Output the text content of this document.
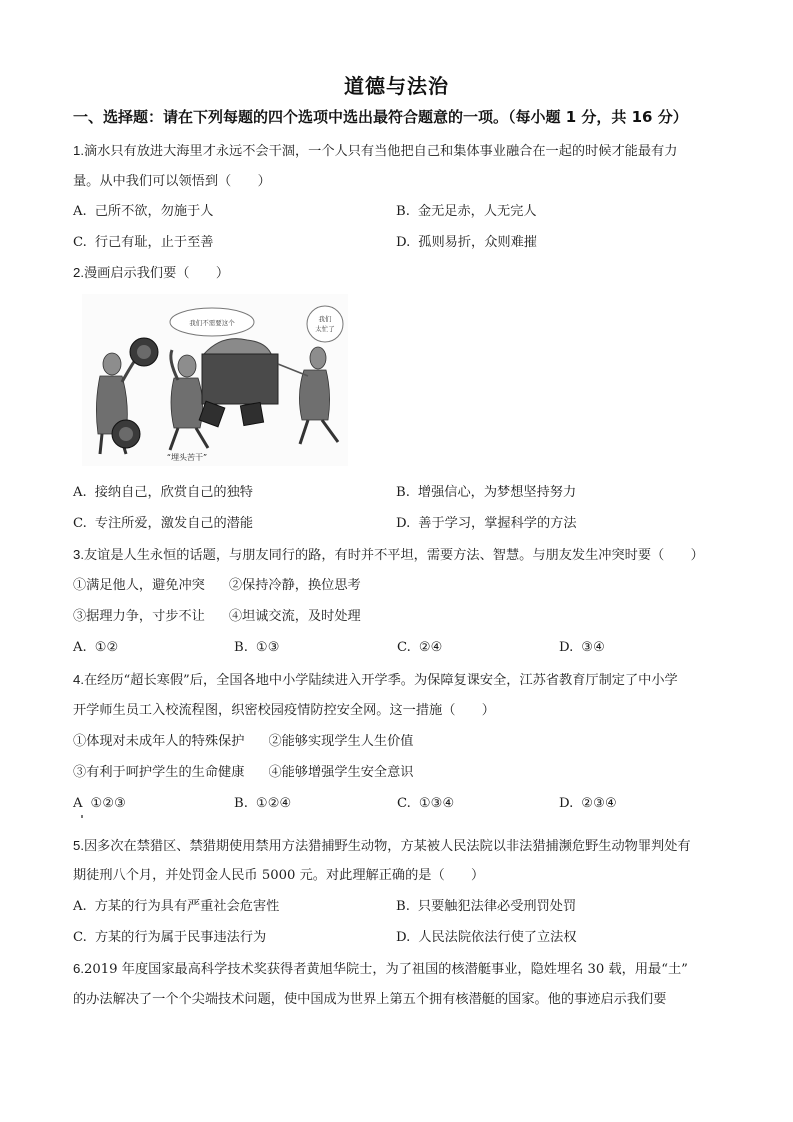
道德与法治
一、选择题：请在下列每题的四个选项中选出最符合题意的一项。（每小题 1 分，共 16 分）
1.滴水只有放进大海里才永远不会干涸，一个人只有当他把自己和集体事业融合在一起的时候才能最有力
量。从中我们可以领悟到（　　）
A. 己所不欲，勿施于人	B. 金无足赤，人无完人
C. 行己有耻，止于至善	D. 孤则易折，众则难摧
2.漫画启示我们要（　　）
我们不需要这个	我们
太忙了
“埋头苦干”
A. 接纳自己，欣赏自己的独特	B. 增强信心，为梦想坚持努力
C. 专注所爱，激发自己的潜能	D. 善于学习，掌握科学的方法
3.友谊是人生永恒的话题，与朋友同行的路，有时并不平坦，需要方法、智慧。与朋友发生冲突时要（　　）
①满足他人，避免冲突 ②保持冷静，换位思考
③据理力争，寸步不让 ④坦诚交流，及时处理
A. ①②	B. ①③	C. ②④	D. ③④
4.在经历“超长寒假”后，全国各地中小学陆续进入开学季。为保障复课安全，江苏省教育厅制定了中小学
开学师生员工入校流程图，织密校园疫情防控安全网。这一措施（　　）
①体现对未成年人的特殊保护 ②能够实现学生人生价值
③有利于呵护学生的生命健康 ④能够增强学生安全意识
A ①②③	B. ①②④	C. ①③④	D. ②③④
5.因多次在禁猎区、禁猎期使用禁用方法猎捕野生动物，方某被人民法院以非法猎捕濒危野生动物罪判处有
期徒刑八个月，并处罚金人民币 5000 元。对此理解正确的是（　　）
A. 方某的行为具有严重社会危害性	B. 只要触犯法律必受刑罚处罚
C. 方某的行为属于民事违法行为	D. 人民法院依法行使了立法权
6.2019 年度国家最高科学技术奖获得者黄旭华院士，为了祖国的核潜艇事业，隐姓埋名 30 载，用最“土”
的办法解决了一个个尖端技术问题，使中国成为世界上第五个拥有核潜艇的国家。他的事迹启示我们要
